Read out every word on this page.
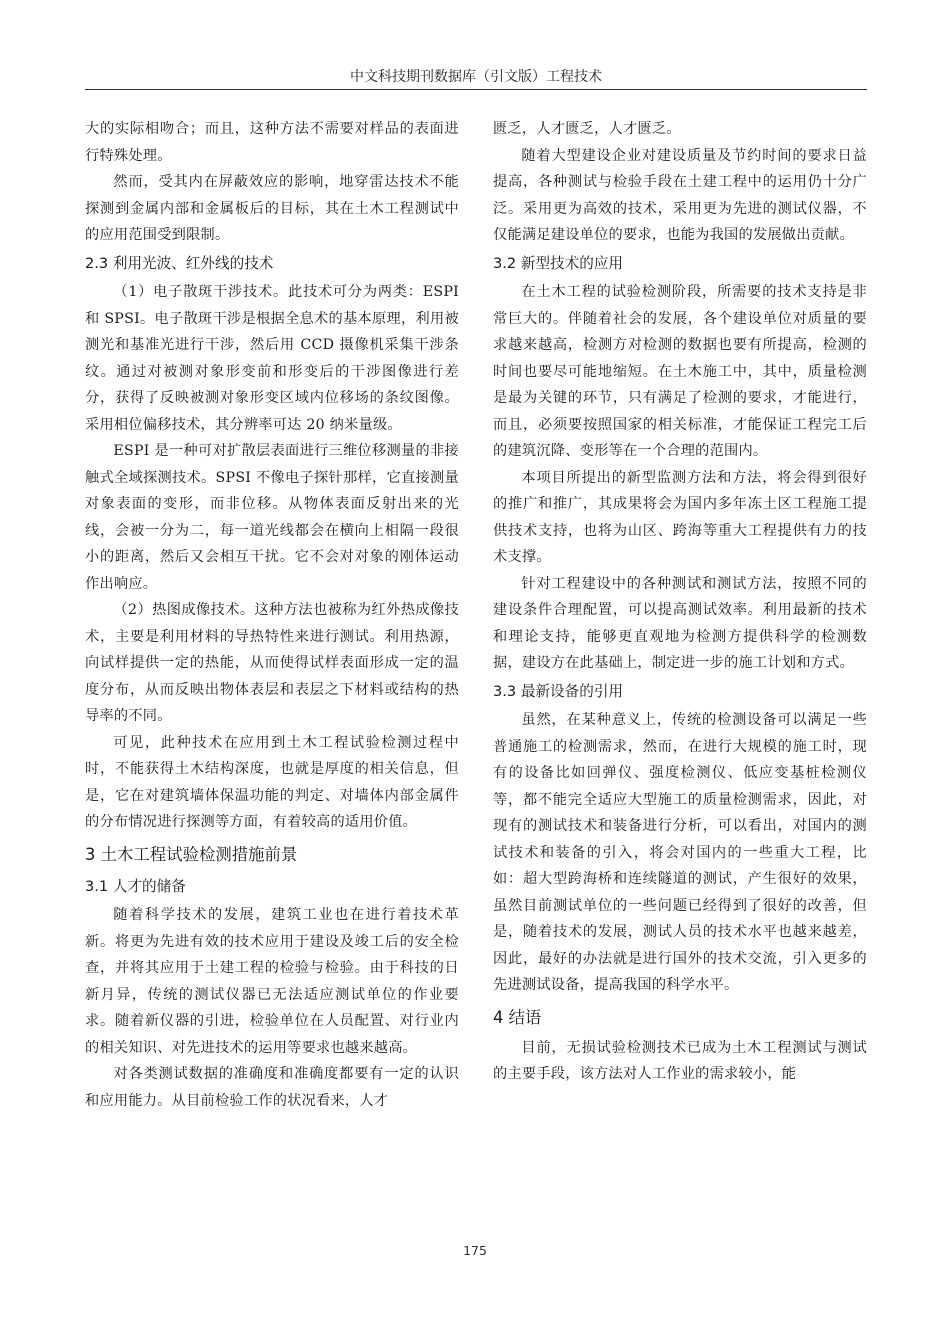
中文科技期刊数据库（引文版）工程技术
大的实际相吻合；而且，这种方法不需要对样品的表面进行特殊处理。
然而，受其内在屏蔽效应的影响，地穿雷达技术不能探测到金属内部和金属板后的目标，其在土木工程测试中的应用范围受到限制。
2.3 利用光波、红外线的技术
（1）电子散斑干涉技术。此技术可分为两类：ESPI 和 SPSI。电子散斑干涉是根据全息术的基本原理，利用被测光和基准光进行干涉，然后用 CCD 摄像机采集干涉条纹。通过对被测对象形变前和形变后的干涉图像进行差分，获得了反映被测对象形变区域内位移场的条纹图像。采用相位偏移技术，其分辨率可达 20 纳米量级。
ESPI 是一种可对扩散层表面进行三维位移测量的非接触式全域探测技术。SPSI 不像电子探针那样，它直接测量对象表面的变形，而非位移。从物体表面反射出来的光线，会被一分为二，每一道光线都会在横向上相隔一段很小的距离，然后又会相互干扰。它不会对对象的刚体运动作出响应。
（2）热图成像技术。这种方法也被称为红外热成像技术，主要是利用材料的导热特性来进行测试。利用热源，向试样提供一定的热能，从而使得试样表面形成一定的温度分布，从而反映出物体表层和表层之下材料或结构的热导率的不同。
可见，此种技术在应用到土木工程试验检测过程中时，不能获得土木结构深度，也就是厚度的相关信息，但是，它在对建筑墙体保温功能的判定、对墙体内部金属件的分布情况进行探测等方面，有着较高的适用价值。
3 土木工程试验检测措施前景
3.1 人才的储备
随着科学技术的发展，建筑工业也在进行着技术革新。将更为先进有效的技术应用于建设及竣工后的安全检查，并将其应用于土建工程的检验与检验。由于科技的日新月异，传统的测试仪器已无法适应测试单位的作业要求。随着新仪器的引进，检验单位在人员配置、对行业内的相关知识、对先进技术的运用等要求也越来越高。
对各类测试数据的准确度和准确度都要有一定的认识和应用能力。从目前检验工作的状况看来，人才
匮乏，人才匮乏，人才匮乏。
随着大型建设企业对建设质量及节约时间的要求日益提高，各种测试与检验手段在土建工程中的运用仍十分广泛。采用更为高效的技术，采用更为先进的测试仪器，不仅能满足建设单位的要求，也能为我国的发展做出贡献。
3.2 新型技术的应用
在土木工程的试验检测阶段，所需要的技术支持是非常巨大的。伴随着社会的发展，各个建设单位对质量的要求越来越高，检测方对检测的数据也要有所提高，检测的时间也要尽可能地缩短。在土木施工中，其中，质量检测是最为关键的环节，只有满足了检测的要求，才能进行，而且，必须要按照国家的相关标准，才能保证工程完工后的建筑沉降、变形等在一个合理的范围内。
本项目所提出的新型监测方法和方法，将会得到很好的推广和推广，其成果将会为国内多年冻土区工程施工提供技术支持，也将为山区、跨海等重大工程提供有力的技术支撑。
针对工程建设中的各种测试和测试方法，按照不同的建设条件合理配置，可以提高测试效率。利用最新的技术和理论支持，能够更直观地为检测方提供科学的检测数据，建设方在此基础上，制定进一步的施工计划和方式。
3.3 最新设备的引用
虽然，在某种意义上，传统的检测设备可以满足一些普通施工的检测需求，然而，在进行大规模的施工时，现有的设备比如回弹仪、强度检测仪、低应变基桩检测仪等，都不能完全适应大型施工的质量检测需求，因此，对现有的测试技术和装备进行分析，可以看出，对国内的测试技术和装备的引入，将会对国内的一些重大工程，比如：超大型跨海桥和连续隧道的测试，产生很好的效果，虽然目前测试单位的一些问题已经得到了很好的改善，但是，随着技术的发展，测试人员的技术水平也越来越差，因此，最好的办法就是进行国外的技术交流，引入更多的先进测试设备，提高我国的科学水平。
4 结语
目前，无损试验检测技术已成为土木工程测试与测试的主要手段，该方法对人工作业的需求较小，能
175
